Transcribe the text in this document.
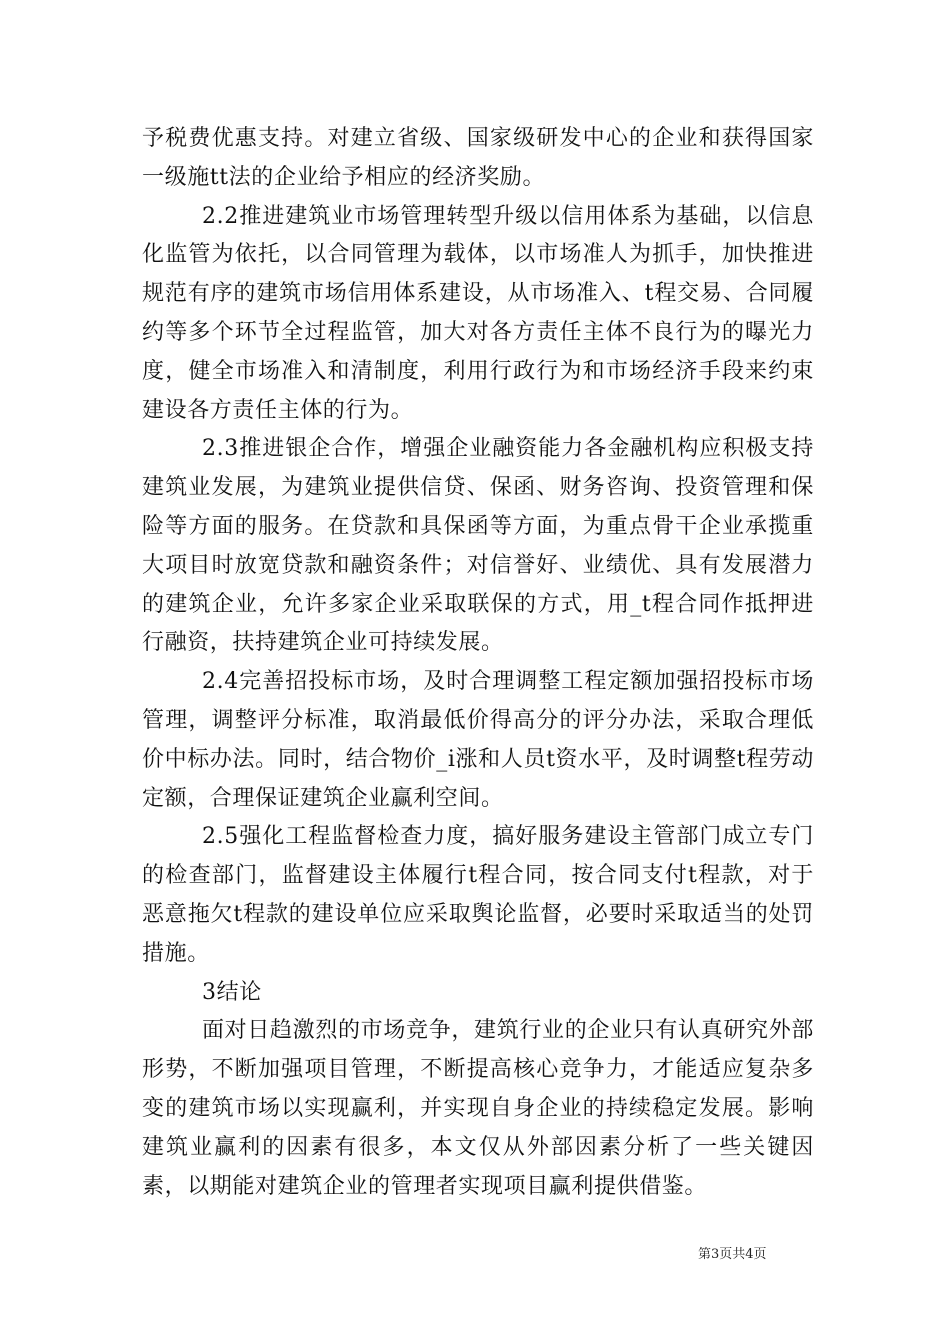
予税费优惠支持。对建立省级、国家级研发中心的企业和获得国家一级施tt法的企业给予相应的经济奖励。

2.2推进建筑业市场管理转型升级以信用体系为基础，以信息化监管为依托，以合同管理为载体，以市场准人为抓手，加快推进规范有序的建筑市场信用体系建设，从市场准入、t程交易、合同履约等多个环节全过程监管，加大对各方责任主体不良行为的曝光力度，健全市场准入和清制度，利用行政行为和市场经济手段来约束建设各方责任主体的行为。

2.3推进银企合作，增强企业融资能力各金融机构应积极支持建筑业发展，为建筑业提供信贷、保函、财务咨询、投资管理和保险等方面的服务。在贷款和具保函等方面，为重点骨干企业承揽重大项目时放宽贷款和融资条件；对信誉好、业绩优、具有发展潜力的建筑企业，允许多家企业采取联保的方式，用_t程合同作抵押进行融资，扶持建筑企业可持续发展。

2.4完善招投标市场，及时合理调整工程定额加强招投标市场管理，调整评分标准，取消最低价得高分的评分办法，采取合理低价中标办法。同时，结合物价_i涨和人员t资水平，及时调整t程劳动定额，合理保证建筑企业赢利空间。

2.5强化工程监督检查力度，搞好服务建设主管部门成立专门的检查部门，监督建设主体履行t程合同，按合同支付t程款，对于恶意拖欠t程款的建设单位应采取舆论监督，必要时采取适当的处罚措施。

3结论

面对日趋激烈的市场竞争，建筑行业的企业只有认真研究外部形势，不断加强项目管理，不断提高核心竞争力，才能适应复杂多变的建筑市场以实现赢利，并实现自身企业的持续稳定发展。影响建筑业赢利的因素有很多，本文仅从外部因素分析了一些关键因素，以期能对建筑企业的管理者实现项目赢利提供借鉴。

第3页共4页
